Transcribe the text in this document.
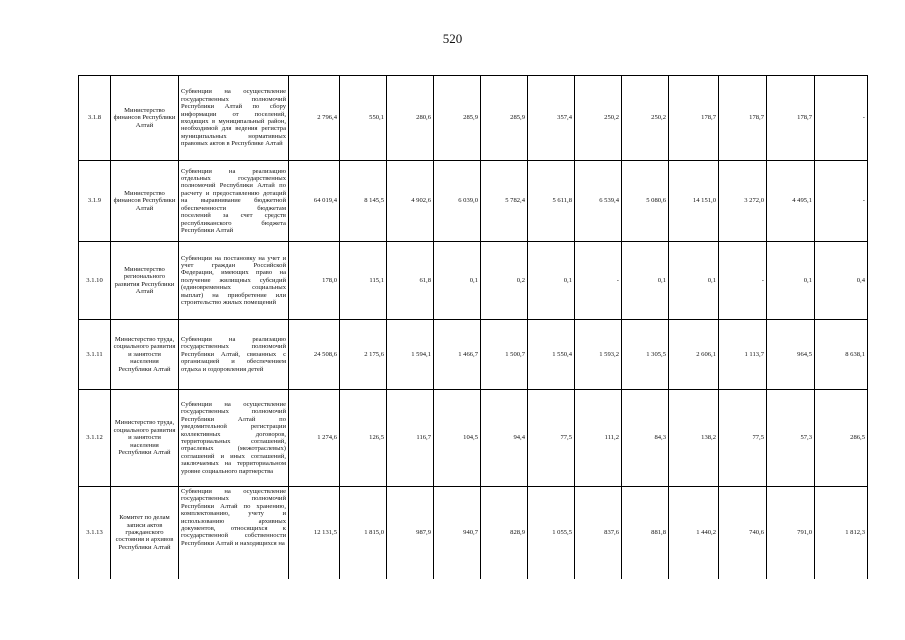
520
3.1.8	Министерство финансов Республики Алтай	Субвенции на осуществление государственных полномочий Республики Алтай по сбору информации от поселений, входящих в муниципальный район, необходимой для ведения регистра муниципальных нормативных правовых актов в Республике Алтай	2 796,4	550,1	280,6	285,9	285,9	357,4	250,2	250,2	178,7	178,7	178,7	-
3.1.9	Министерство финансов Республики Алтай	Субвенции на реализацию отдельных государственных полномочий Республики Алтай по расчету и предоставлению дотаций на выравнивание бюджетной обеспеченности бюджетам поселений за счет средств республиканского бюджета Республики Алтай	64 019,4	8 145,5	4 902,6	6 039,0	5 782,4	5 611,8	6 539,4	5 080,6	14 151,0	3 272,0	4 495,1	-
3.1.10	Министерство регионального развития Республики Алтай	Субвенции на постановку на учет и учет граждан Российской Федерации, имеющих право на получение жилищных субсидий (единовременных социальных выплат) на приобретение или строительство жилых помещений	178,0	115,1	61,8	0,1	0,2	0,1	-	0,1	0,1	-	0,1	0,4
3.1.11	Министерство труда, социального развития и занятости населения Республики Алтай	Субвенции на реализацию государственных полномочий Республики Алтай, связанных с организацией и обеспечением отдыха и оздоровления детей	24 508,6	2 175,6	1 594,1	1 466,7	1 500,7	1 550,4	1 593,2	1 305,5	2 606,1	1 113,7	964,5	8 638,1
3.1.12	Министерство труда, социального развития и занятости населения Республики Алтай	Субвенции на осуществление государственных полномочий Республики Алтай по уведомительной регистрации коллективных договоров, территориальных соглашений, отраслевых (межотраслевых) соглашений и иных соглашений, заключаемых на территориальном уровне социального партнерства	1 274,6	126,5	116,7	104,5	94,4	77,5	111,2	84,3	138,2	77,5	57,3	286,5
3.1.13	Комитет по делам записи актов гражданского состояния и архивов Республики Алтай	Субвенции на осуществление государственных полномочий Республики Алтай по хранению, комплектованию, учету и использованию архивных документов, относящихся к государственной собственности Республики Алтай и находящихся на	12 131,5	1 815,0	987,9	940,7	828,9	1 055,5	837,6	881,8	1 440,2	740,6	791,0	1 812,3
